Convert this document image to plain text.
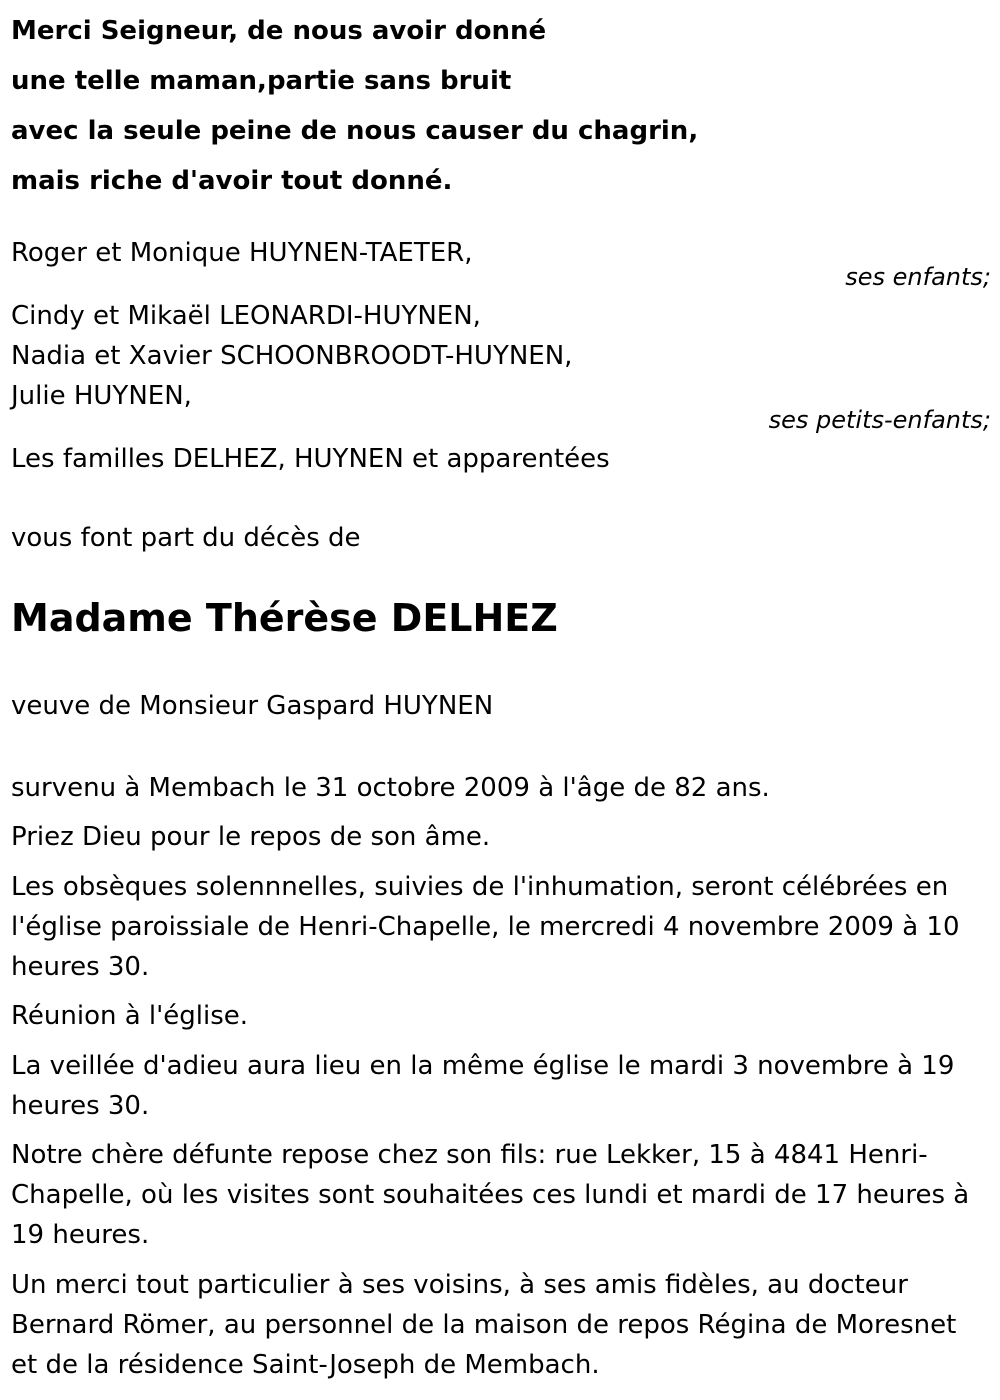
Merci Seigneur, de nous avoir donné
une telle maman,partie sans bruit
avec la seule peine de nous causer du chagrin,
mais riche d'avoir tout donné.
Roger et Monique HUYNEN-TAETER,
ses enfants;
Cindy et Mikaël LEONARDI-HUYNEN,
Nadia et Xavier SCHOONBROODT-HUYNEN,
Julie HUYNEN,
ses petits-enfants;
Les familles DELHEZ, HUYNEN et apparentées
vous font part du décès de
Madame Thérèse DELHEZ
veuve de Monsieur Gaspard HUYNEN
survenu à Membach le 31 octobre 2009 à l'âge de 82 ans.
Priez Dieu pour le repos de son âme.
Les obsèques solennnelles, suivies de l'inhumation, seront célébrées en l'église paroissiale de Henri-Chapelle, le mercredi 4 novembre 2009 à 10 heures 30.
Réunion à l'église.
La veillée d'adieu aura lieu en la même église le mardi 3 novembre à 19 heures 30.
Notre chère défunte repose chez son fils: rue Lekker, 15 à 4841 Henri-Chapelle, où les visites sont souhaitées ces lundi et mardi de 17 heures à 19 heures.
Un merci tout particulier à ses voisins, à ses amis fidèles, au docteur Bernard Römer, au personnel de la maison de repos Régina de Moresnet et de la résidence Saint-Joseph de Membach.
